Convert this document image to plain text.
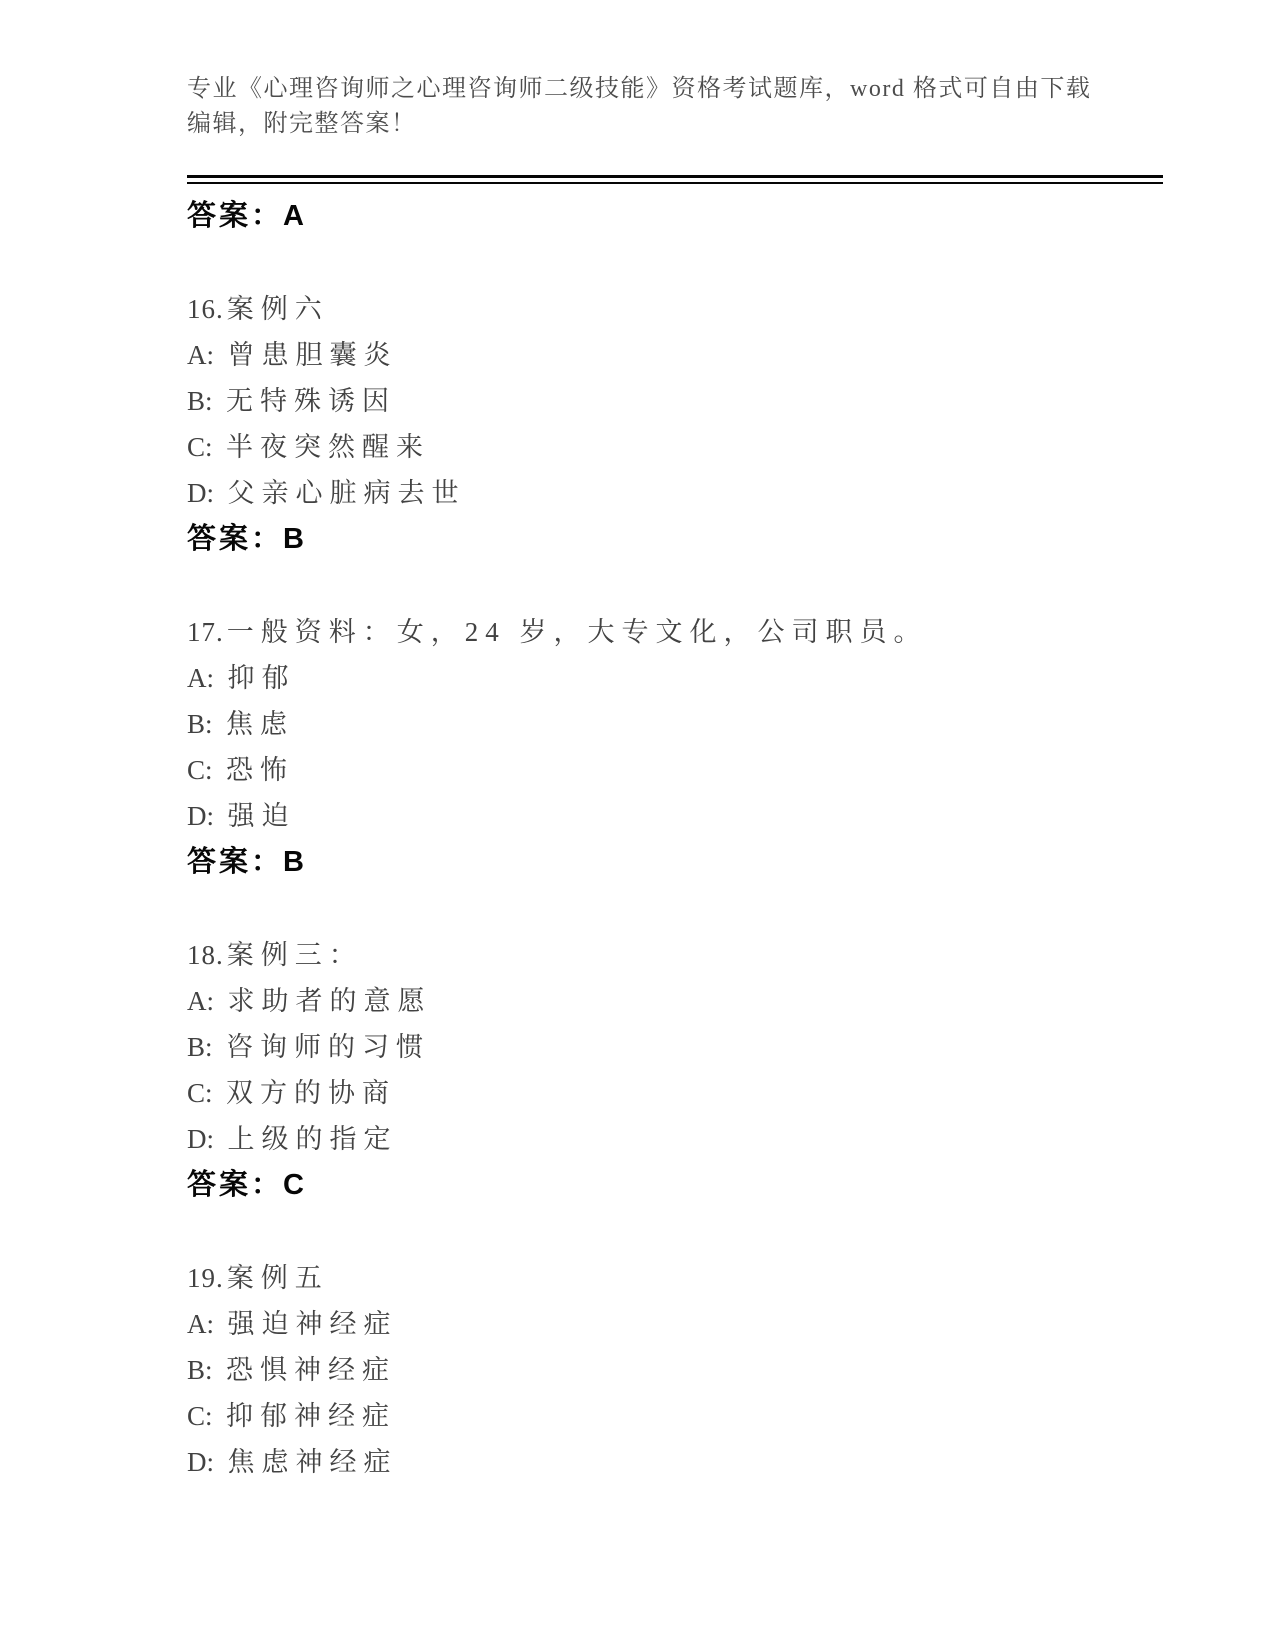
专业《心理咨询师之心理咨询师二级技能》资格考试题库，word 格式可自由下载
编辑，附完整答案！
答案：A
16. 案例六
A:  曾患胆囊炎
B:  无特殊诱因
C:  半夜突然醒来
D:  父亲心脏病去世
答案：B
17. 一般资料：女，24 岁，大专文化，公司职员。
A:  抑郁
B:  焦虑
C:  恐怖
D:  强迫
答案：B
18. 案例三：
A:  求助者的意愿
B:  咨询师的习惯
C:  双方的协商
D:  上级的指定
答案：C
19. 案例五
A:  强迫神经症
B:  恐惧神经症
C:  抑郁神经症
D:  焦虑神经症
